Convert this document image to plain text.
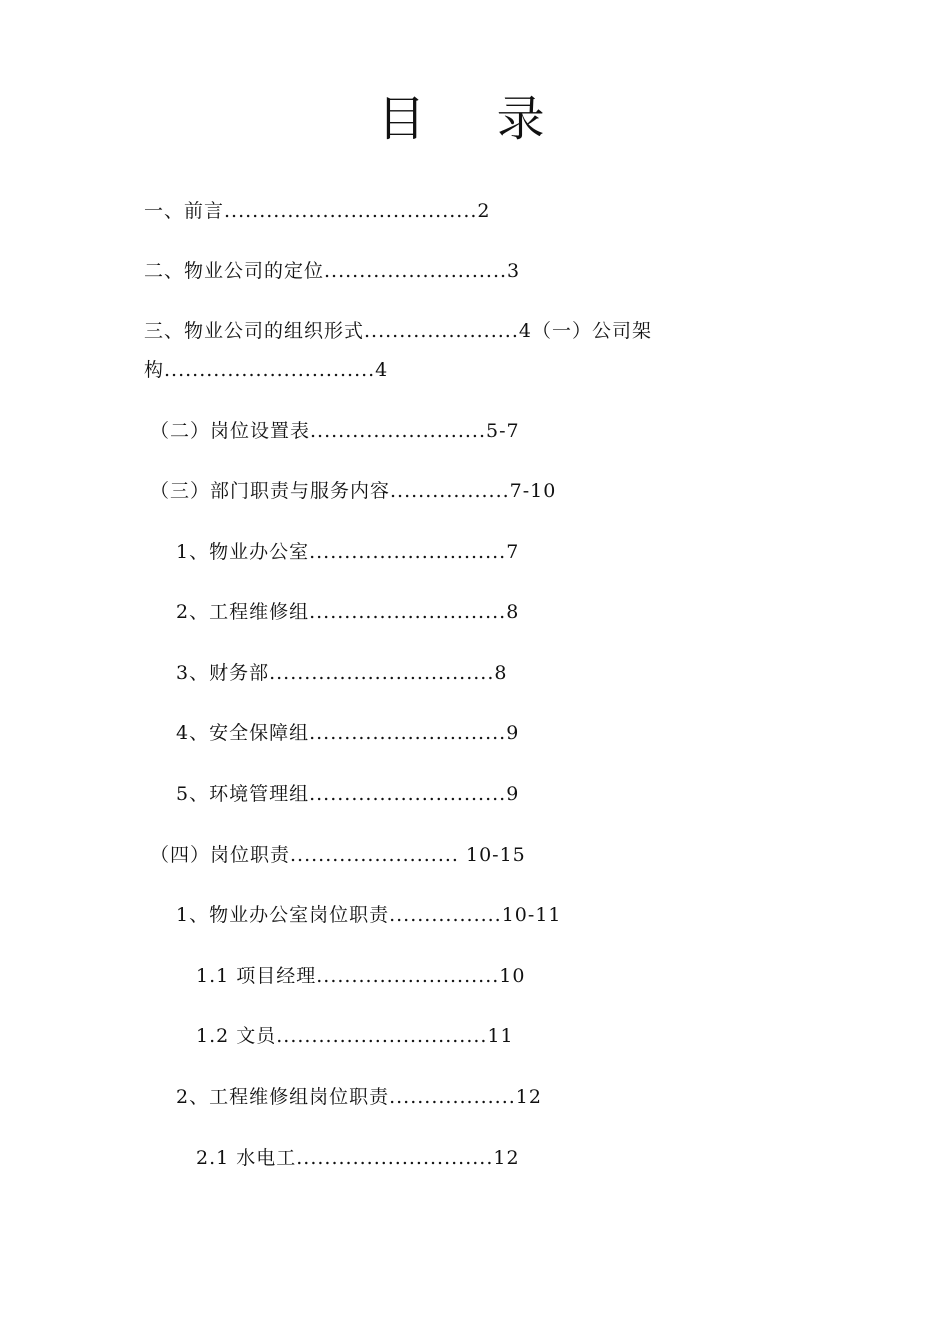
目 录
一、前言....................................2
二、物业公司的定位..........................3
三、物业公司的组织形式......................4（一）公司架
构..............................4
（二）岗位设置表.........................5-7
（三）部门职责与服务内容.................7-10
1、物业办公室............................7
2、工程维修组............................8
3、财务部................................8
4、安全保障组............................9
5、环境管理组............................9
（四）岗位职责........................ 10-15
1、物业办公室岗位职责................10-11
1.1 项目经理..........................10
1.2 文员..............................11
2、工程维修组岗位职责..................12
2.1 水电工............................12
